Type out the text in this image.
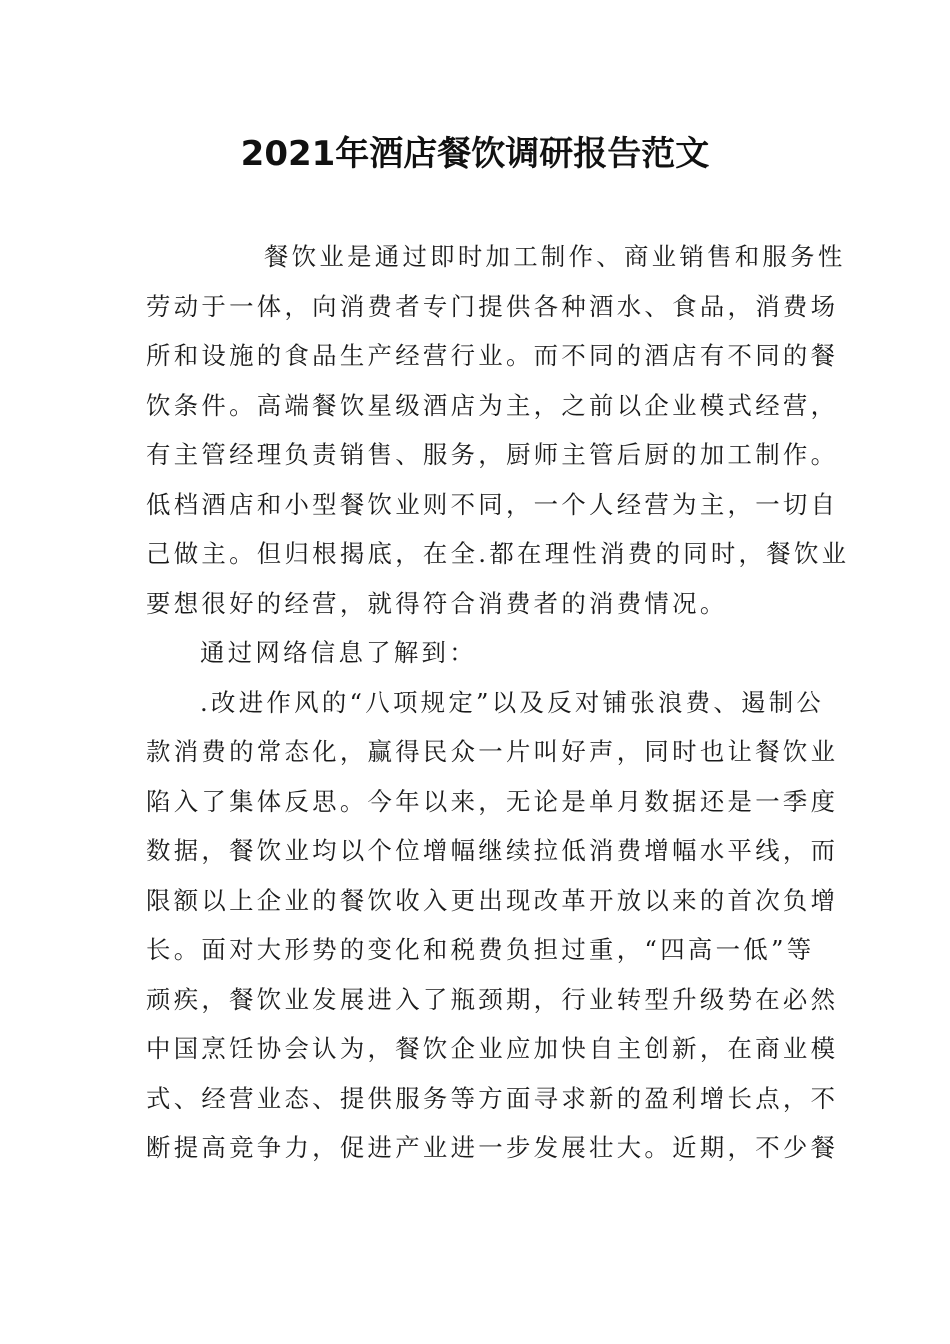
2021年酒店餐饮调研报告范文
餐饮业是通过即时加工制作、商业销售和服务性
劳动于一体，向消费者专门提供各种酒水、食品，消费场
所和设施的食品生产经营行业。而不同的酒店有不同的餐
饮条件。高端餐饮星级酒店为主，之前以企业模式经营，
有主管经理负责销售、服务，厨师主管后厨的加工制作。
低档酒店和小型餐饮业则不同，一个人经营为主，一切自
己做主。但归根揭底，在全.都在理性消费的同时，餐饮业
要想很好的经营，就得符合消费者的消费情况。
通过网络信息了解到：
.改进作风的“八项规定”以及反对铺张浪费、遏制公
款消费的常态化，赢得民众一片叫好声，同时也让餐饮业
陷入了集体反思。今年以来，无论是单月数据还是一季度
数据，餐饮业均以个位增幅继续拉低消费增幅水平线，而
限额以上企业的餐饮收入更出现改革开放以来的首次负增
长。面对大形势的变化和税费负担过重，“四高一低”等
顽疾，餐饮业发展进入了瓶颈期，行业转型升级势在必然
中国烹饪协会认为，餐饮企业应加快自主创新，在商业模
式、经营业态、提供服务等方面寻求新的盈利增长点，不
断提高竞争力，促进产业进一步发展壮大。近期，不少餐
